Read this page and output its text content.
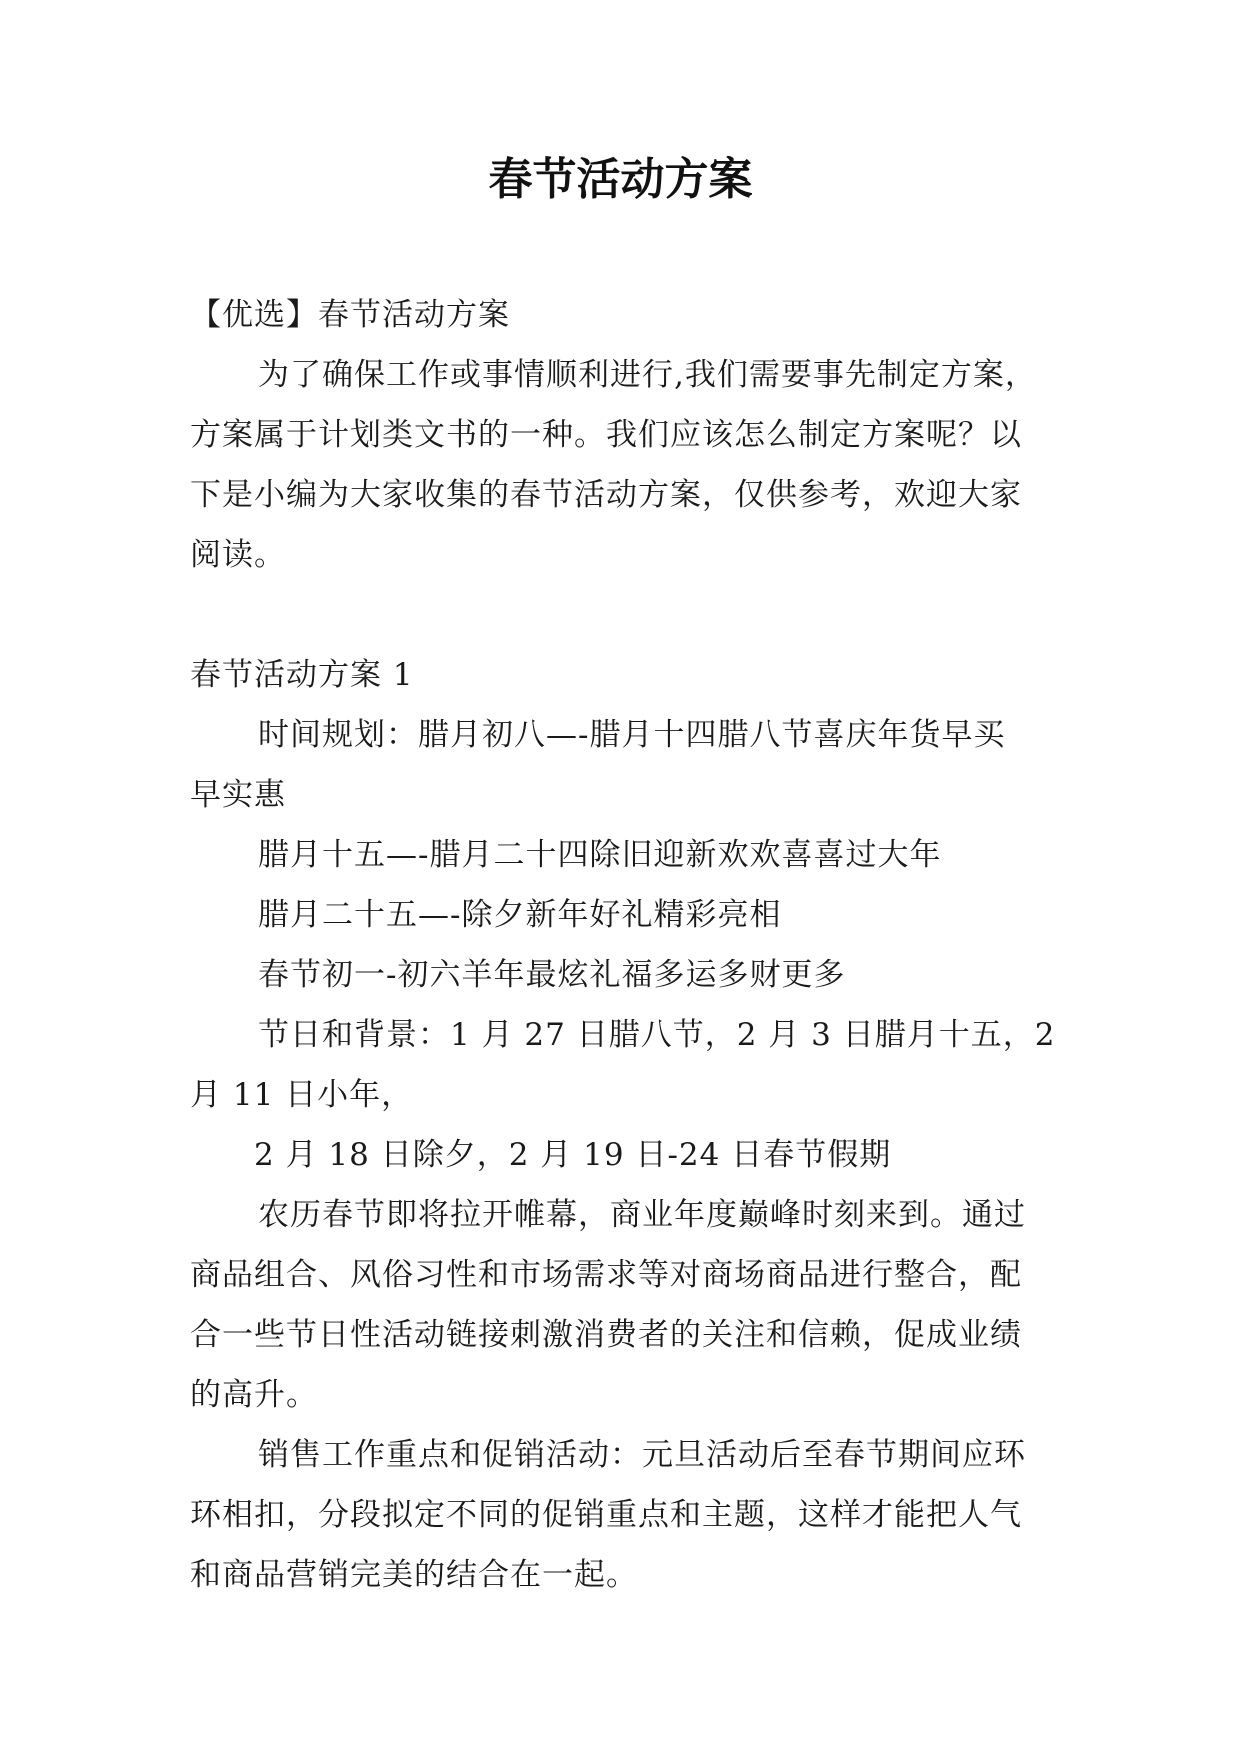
春节活动方案

【优选】春节活动方案

为了确保工作或事情顺利进行,我们需要事先制定方案，

方案属于计划类文书的一种。我们应该怎么制定方案呢？以

下是小编为大家收集的春节活动方案，仅供参考，欢迎大家

阅读。

春节活动方案 1

时间规划：腊月初八—-腊月十四腊八节喜庆年货早买

早实惠

腊月十五—-腊月二十四除旧迎新欢欢喜喜过大年

腊月二十五—-除夕新年好礼精彩亮相

春节初一-初六羊年最炫礼福多运多财更多

节日和背景：1 月 27 日腊八节，2 月 3 日腊月十五，2

月 11 日小年，

2 月 18 日除夕，2 月 19 日-24 日春节假期

农历春节即将拉开帷幕，商业年度巅峰时刻来到。通过

商品组合、风俗习性和市场需求等对商场商品进行整合，配

合一些节日性活动链接刺激消费者的关注和信赖，促成业绩

的高升。

销售工作重点和促销活动：元旦活动后至春节期间应环

环相扣，分段拟定不同的促销重点和主题，这样才能把人气

和商品营销完美的结合在一起。
